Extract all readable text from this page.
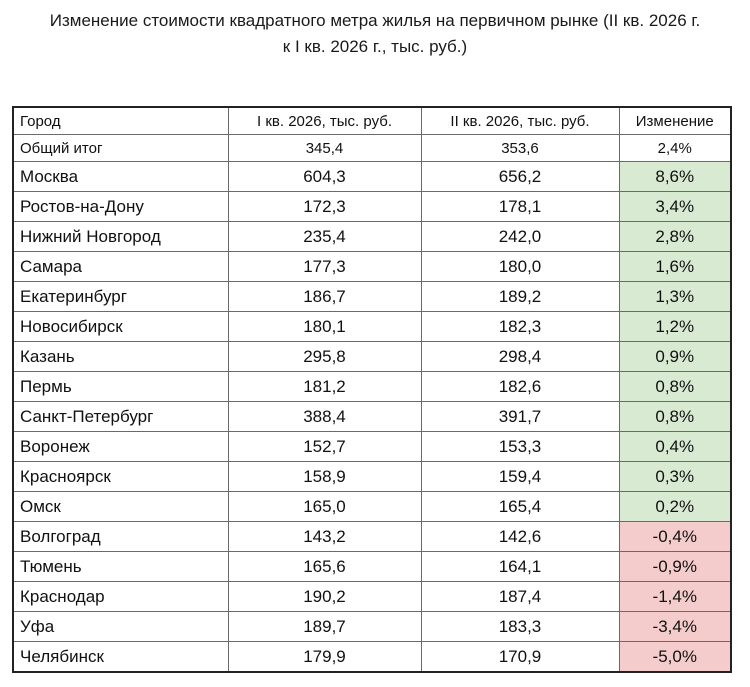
Изменение стоимости квадратного метра жилья на первичном рынке (II кв. 2026 г.
к I кв. 2026 г., тыс. руб.)
Город	I кв. 2026, тыс. руб.	II кв. 2026, тыс. руб.	Изменение
Общий итог	345,4	353,6	2,4%
Москва	604,3	656,2	8,6%
Ростов-на-Дону	172,3	178,1	3,4%
Нижний Новгород	235,4	242,0	2,8%
Самара	177,3	180,0	1,6%
Екатеринбург	186,7	189,2	1,3%
Новосибирск	180,1	182,3	1,2%
Казань	295,8	298,4	0,9%
Пермь	181,2	182,6	0,8%
Санкт-Петербург	388,4	391,7	0,8%
Воронеж	152,7	153,3	0,4%
Красноярск	158,9	159,4	0,3%
Омск	165,0	165,4	0,2%
Волгоград	143,2	142,6	-0,4%
Тюмень	165,6	164,1	-0,9%
Краснодар	190,2	187,4	-1,4%
Уфа	189,7	183,3	-3,4%
Челябинск	179,9	170,9	-5,0%
